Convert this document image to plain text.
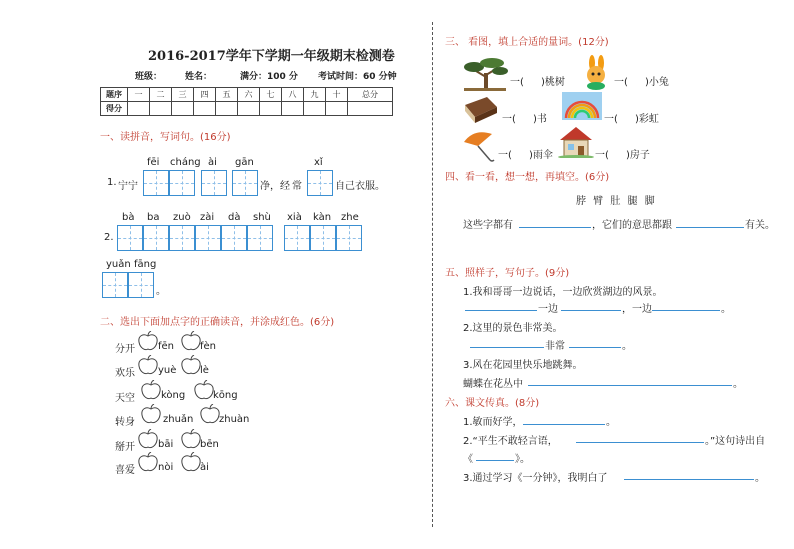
2016-2017学年下学期一年级期末检测卷
班级：	姓名：	满分：100 分 考试时间：60 分钟
题序	一	二	三	四	五	六	七	八	九	十	总分
得分											
一、读拼音，写词句。(16分)
fēi cháng ài gān	xǐ
1. 宁宁	净，经 常	自己衣服。
bà ba zuò zài dà shù xià kàn zhe
2.
yuǎn fāng
。
二、选出下面加点字的正确读音，并涂成红色。(6分)
分开 fēn	fèn
欢乐 yuè lè
天空	kòng	kōng
转身	zhuǎn	zhuàn
掰开 bāi	bēn
喜爱 nòi	ài
三、 看图，填上合适的量词。(12分)
一( )桃树	一( )小兔
一( )书	一( )彩虹
一( )雨伞	一( )房子
四、看一看，想一想，再填空。(6分)
脖 臂 肚 腿 脚
这些字都有	，它们的意思都跟	有关。
五、照样子，写句子。(9分)
1.我和哥哥一边说话，一边欣赏湖边的风景。
一边	，一边	。
2.这里的景色非常美。
非常	。
3.风在花园里快乐地跳舞。
蝴蝶在花丛中	。
六、课文传真。(8分)
1.敏而好学，	。
2.“平生不敢轻言语，	。”这句诗出自
《	》。
3.通过学习《一分钟》，我明白了	。
